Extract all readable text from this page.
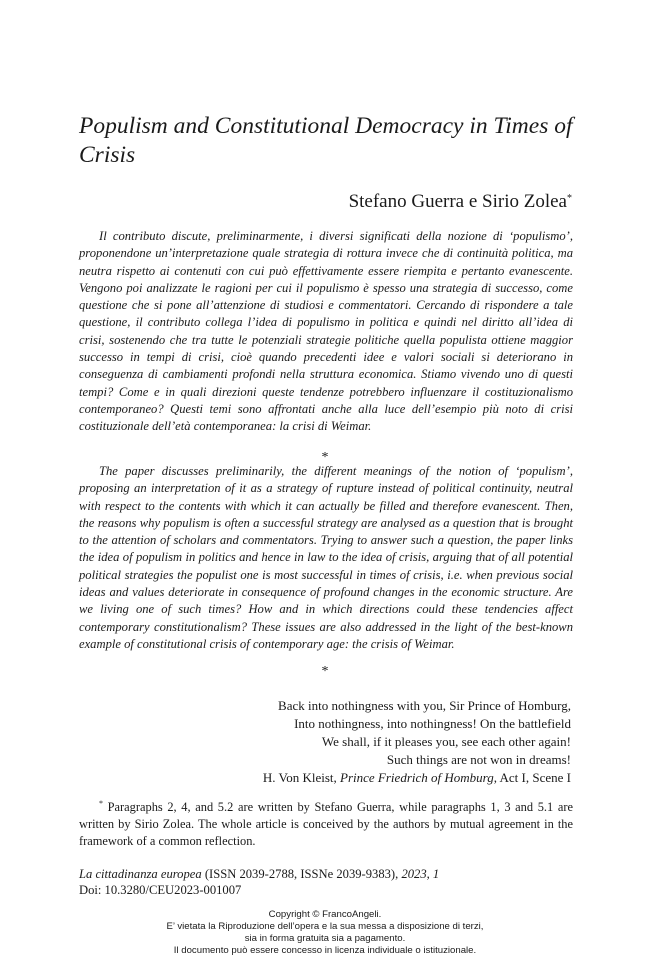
Populism and Constitutional Democracy in Times of Crisis
Stefano Guerra e Sirio Zolea*

Il contributo discute, preliminarmente, i diversi significati della nozione di ‘populismo’, proponendone un’interpretazione quale strategia di rottura invece che di continuità politica, ma neutra rispetto ai contenuti con cui può effettivamente essere riempita e pertanto evanescente. Vengono poi analizzate le ragioni per cui il populismo è spesso una strategia di successo, come questione che si pone all’attenzione di studiosi e commentatori. Cercando di rispondere a tale questione, il contributo collega l’idea di populismo in politica e quindi nel diritto all’idea di crisi, sostenendo che tra tutte le potenziali strategie politiche quella populista ottiene maggior successo in tempi di crisi, cioè quando precedenti idee e valori sociali si deteriorano in conseguenza di cambiamenti profondi nella struttura economica. Stiamo vivendo uno di questi tempi? Come e in quali direzioni queste tendenze potrebbero influenzare il costituzionalismo contemporaneo? Questi temi sono affrontati anche alla luce dell’esempio più noto di crisi costituzionale dell’età contemporanea: la crisi di Weimar.

*

The paper discusses preliminarily, the different meanings of the notion of ‘populism’, proposing an interpretation of it as a strategy of rupture instead of political continuity, neutral with respect to the contents with which it can actually be filled and therefore evanescent. Then, the reasons why populism is often a successful strategy are analysed as a question that is brought to the attention of scholars and commentators. Trying to answer such a question, the paper links the idea of populism in politics and hence in law to the idea of crisis, arguing that of all potential political strategies the populist one is most successful in times of crisis, i.e. when previous social ideas and values deteriorate in consequence of profound changes in the economic structure. Are we living one of such times? How and in which directions could these tendencies affect contemporary constitutionalism? These issues are also addressed in the light of the best-known example of constitutional crisis of contemporary age: the crisis of Weimar.

*
Back into nothingness with you, Sir Prince of Homburg,
Into nothingness, into nothingness! On the battlefield
We shall, if it pleases you, see each other again!
Such things are not won in dreams!
H. Von Kleist, Prince Friedrich of Homburg, Act I, Scene I

* Paragraphs 2, 4, and 5.2 are written by Stefano Guerra, while paragraphs 1, 3 and 5.1 are written by Sirio Zolea. The whole article is conceived by the authors by mutual agreement in the framework of a common reflection.

La cittadinanza europea (ISSN 2039-2788, ISSNe 2039-9383), 2023, 1
Doi: 10.3280/CEU2023-001007
Copyright © FrancoAngeli.
E’ vietata la Riproduzione dell’opera e la sua messa a disposizione di terzi,
sia in forma gratuita sia a pagamento.
Il documento può essere concesso in licenza individuale o istituzionale.
